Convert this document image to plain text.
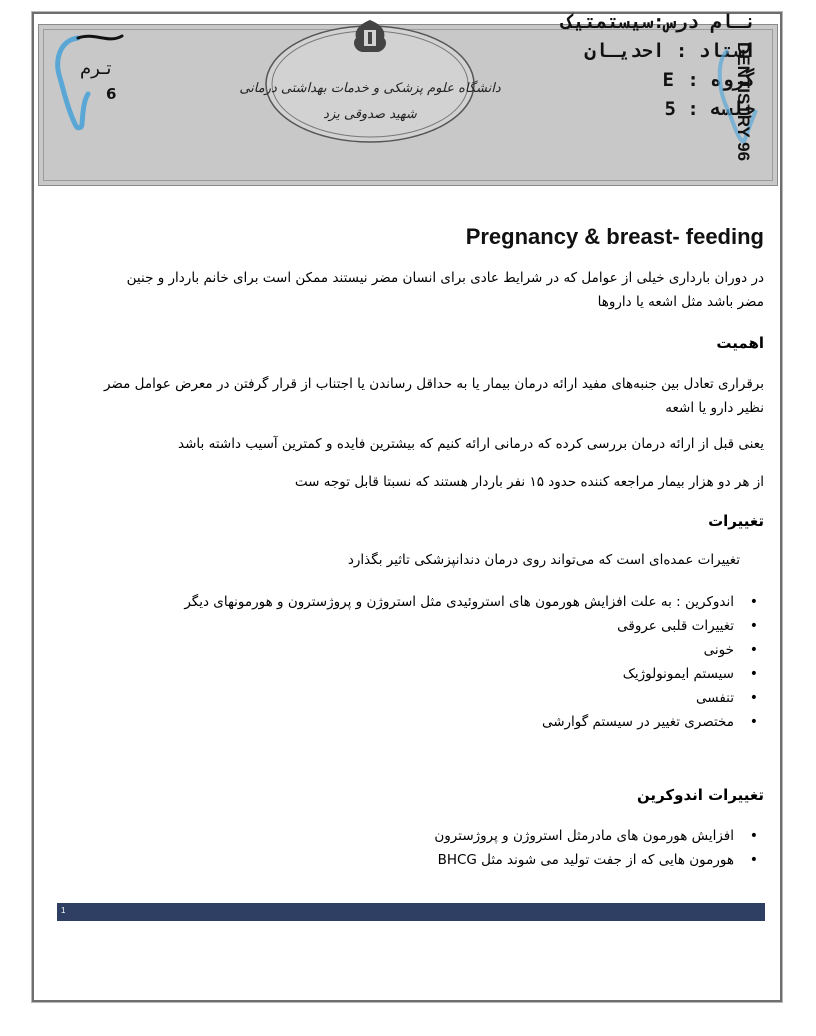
تـرم
6	دانشگاه علوم پزشکی و خدمات بهداشتی درمانی
شهید صدوقی یزد
نـام درس:سیستمتیک
استاد : احدیـان
گروه : E
جلسه : 5
DENTISTRY 96
Pregnancy & breast- feeding
در دوران بارداری خیلی از عوامل که در شرایط عادی برای انسان مضر نیستند ممکن است برای خانم باردار و جنین مضر باشد مثل اشعه یا داروها
اهمیت
برقراری تعادل بین جنبه‌های مفید ارائه درمان بیمار یا به حداقل رساندن یا اجتناب از قرار گرفتن در معرض عوامل مضر نظیر دارو یا اشعه
یعنی قبل از ارائه درمان بررسی کرده که درمانی ارائه کنیم که بیشترین فایده و کمترین آسیب داشته باشد
از هر دو هزار بیمار مراجعه کننده حدود ۱۵ نفر باردار هستند که نسبتا قابل توجه ست
تغییرات
تغییرات عمده‌ای است که می‌تواند روی درمان دندانپزشکی تاثیر بگذارد
• اندوکرین : به علت افزایش هورمون های استروئیدی مثل استروژن و پروژسترون و هورمونهای دیگر
• تغییرات قلبی عروقی
• خونی
• سیستم ایمونولوژیک
• تنفسی
• مختصری تغییر در سیستم گوارشی
تغییرات اندوکرین
• افزایش هورمون های مادرمثل استروژن و پروژسترون
• هورمون هایی که از جفت تولید می شوند مثل BHCG
1
